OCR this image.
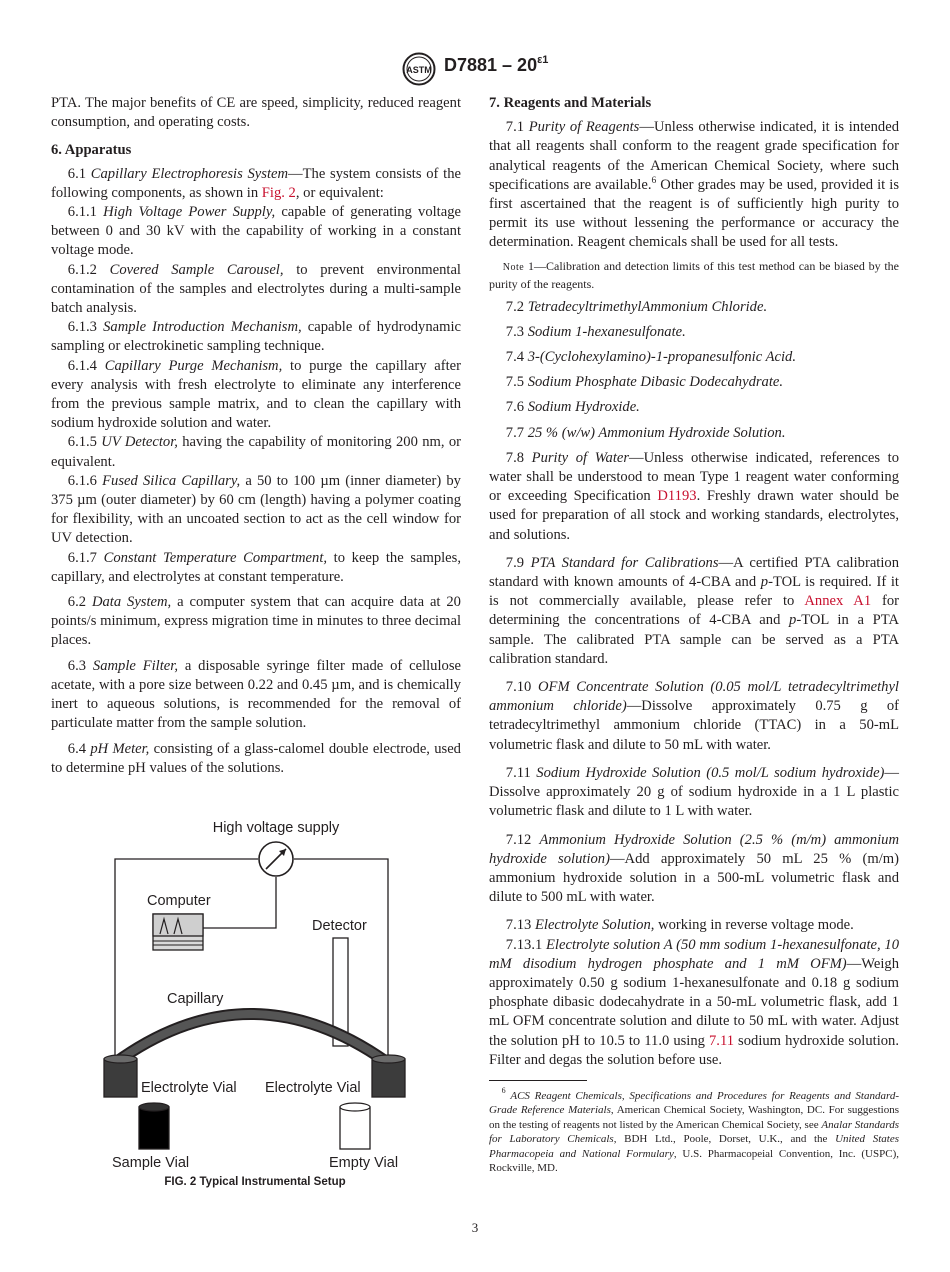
ASTM $D7881 - 20^{\varepsilon 1}$
PTA. The major benefits of CE are speed, simplicity, reduced reagent consumption, and operating costs.
6. Apparatus
6.1 Capillary Electrophoresis System—The system consists of the following components, as shown in Fig. 2, or equivalent:
6.1.1 High Voltage Power Supply, capable of generating voltage between 0 and 30 kV with the capability of working in a constant voltage mode.
6.1.2 Covered Sample Carousel, to prevent environmental contamination of the samples and electrolytes during a multi-sample batch analysis.
6.1.3 Sample Introduction Mechanism, capable of hydrodynamic sampling or electrokinetic sampling technique.
6.1.4 Capillary Purge Mechanism, to purge the capillary after every analysis with fresh electrolyte to eliminate any interference from the previous sample matrix, and to clean the capillary with sodium hydroxide solution and water.
6.1.5 UV Detector, having the capability of monitoring 200 nm, or equivalent.
6.1.6 Fused Silica Capillary, a 50 to 100 µm (inner diameter) by 375 µm (outer diameter) by 60 cm (length) having a polymer coating for flexibility, with an uncoated section to act as the cell window for UV detection.
6.1.7 Constant Temperature Compartment, to keep the samples, capillary, and electrolytes at constant temperature.
6.2 Data System, a computer system that can acquire data at 20 points/s minimum, express migration time in minutes to three decimal places.
6.3 Sample Filter, a disposable syringe filter made of cellulose acetate, with a pore size between 0.22 and 0.45 µm, and is chemically inert to aqueous solutions, is recommended for the removal of particulate matter from the sample solution.
6.4 pH Meter, consisting of a glass-calomel double electrode, used to determine pH values of the solutions.
High voltage supply
Computer
Detector
Capillary
Electrolyte Vial Electrolyte Vial
Sample Vial	Empty Vial
FIG. 2 Typical Instrumental Setup
7. Reagents and Materials
7.1 Purity of Reagents—Unless otherwise indicated, it is intended that all reagents shall conform to the reagent grade specification for analytical reagents of the American Chemical Society, where such specifications are available.$^6$ Other grades may be used, provided it is first ascertained that the reagent is of sufficiently high purity to permit its use without lessening the performance or accuracy the determination. Reagent chemicals shall be used for all tests.
Note 1—Calibration and detection limits of this test method can be biased by the purity of the reagents.
7.2 TetradecyltrimethylAmmonium Chloride.
7.3 Sodium 1-hexanesulfonate.
7.4 3-(Cyclohexylamino)-1-propanesulfonic Acid.
7.5 Sodium Phosphate Dibasic Dodecahydrate.
7.6 Sodium Hydroxide.
7.7 25 % (w/w) Ammonium Hydroxide Solution.
7.8 Purity of Water—Unless otherwise indicated, references to water shall be understood to mean Type 1 reagent water conforming or exceeding Specification D1193. Freshly drawn water should be used for preparation of all stock and working standards, electrolytes, and solutions.
7.9 PTA Standard for Calibrations—A certified PTA calibration standard with known amounts of 4-CBA and p-TOL is required. If it is not commercially available, please refer to Annex A1 for determining the concentrations of 4-CBA and p-TOL in a PTA sample. The calibrated PTA sample can be served as a PTA calibration standard.
7.10 OFM Concentrate Solution (0.05 mol/L tetradecyltrimethyl ammonium chloride)—Dissolve approximately 0.75 g of tetradecyltrimethyl ammonium chloride (TTAC) in a 50-mL volumetric flask and dilute to 50 mL with water.
7.11 Sodium Hydroxide Solution (0.5 mol/L sodium hydroxide)—Dissolve approximately 20 g of sodium hydroxide in a 1 L plastic volumetric flask and dilute to 1 L with water.
7.12 Ammonium Hydroxide Solution (2.5 % (m/m) ammonium hydroxide solution)—Add approximately 50 mL 25 % (m/m) ammonium hydroxide solution in a 500-mL volumetric flask and dilute to 500 mL with water.
7.13 Electrolyte Solution, working in reverse voltage mode.
7.13.1 Electrolyte solution A (50 mm sodium 1-hexanesulfonate, 10 mM disodium hydrogen phosphate and 1 mM OFM)—Weigh approximately 0.50 g sodium 1-hexanesulfonate and 0.18 g sodium phosphate dibasic dodecahydrate in a 50-mL volumetric flask, add 1 mL OFM concentrate solution and dilute to 50 mL with water. Adjust the solution pH to 10.5 to 11.0 using 7.11 sodium hydroxide solution. Filter and degas the solution before use.
$^6$ ACS Reagent Chemicals, Specifications and Procedures for Reagents and Standard-Grade Reference Materials, American Chemical Society, Washington, DC. For suggestions on the testing of reagents not listed by the American Chemical Society, see Analar Standards for Laboratory Chemicals, BDH Ltd., Poole, Dorset, U.K., and the United States Pharmacopeia and National Formulary, U.S. Pharmacopeial Convention, Inc. (USPC), Rockville, MD.
3
